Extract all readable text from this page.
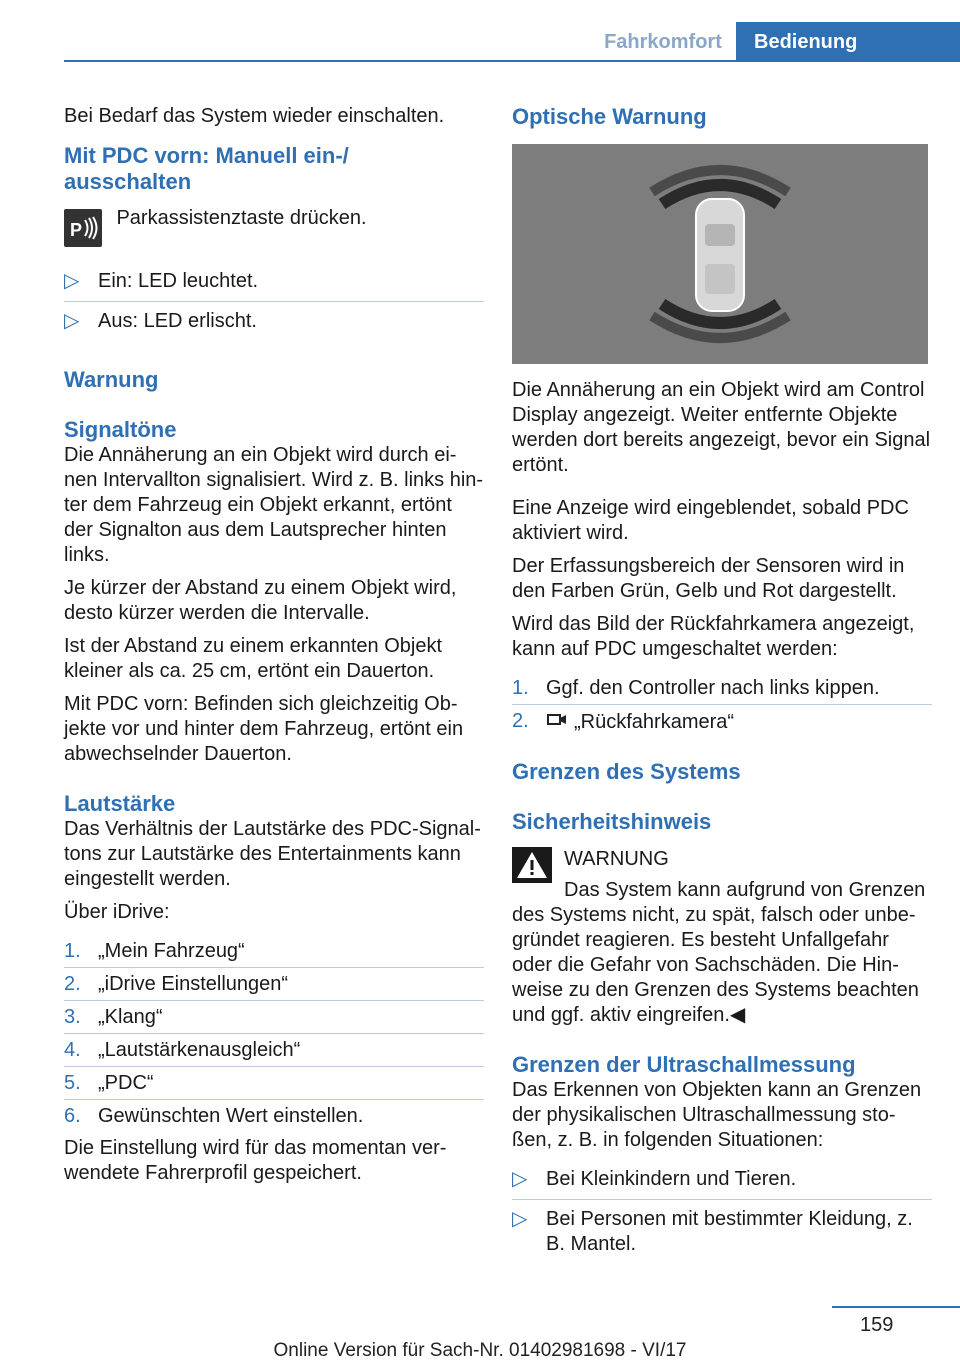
Fahrkomfort	Bedienung

Bei Bedarf das System wieder einschalten.

Mit PDC vorn: Manuell ein-/ ausschalten
P
Parkassistenztaste drücken.
▷ Ein: LED leuchtet.
▷ Aus: LED erlischt.
Warnung
Signaltöne

Die Annäherung an ein Objekt wird durch ei-nen Intervallton signalisiert. Wird z. B. links hin-ter dem Fahrzeug ein Objekt erkannt, ertönt der Signalton aus dem Lautsprecher hinten links.

Je kürzer der Abstand zu einem Objekt wird, desto kürzer werden die Intervalle.

Ist der Abstand zu einem erkannten Objekt kleiner als ca. 25 cm, ertönt ein Dauerton.

Mit PDC vorn: Befinden sich gleichzeitig Ob-jekte vor und hinter dem Fahrzeug, ertönt ein abwechselnder Dauerton.

Lautstärke

Das Verhältnis der Lautstärke des PDC-Signal-tons zur Lautstärke des Entertainments kann eingestellt werden.

Über iDrive:

1. „Mein Fahrzeug“
2. „iDrive Einstellungen“
3. „Klang“
4. „Lautstärkenausgleich“
5. „PDC“
6. Gewünschten Wert einstellen.

Die Einstellung wird für das momentan ver-wendete Fahrerprofil gespeichert.

Optische Warnung

Die Annäherung an ein Objekt wird am Control Display angezeigt. Weiter entfernte Objekte werden dort bereits angezeigt, bevor ein Signal ertönt.

Eine Anzeige wird eingeblendet, sobald PDC aktiviert wird.

Der Erfassungsbereich der Sensoren wird in den Farben Grün, Gelb und Rot dargestellt.

Wird das Bild der Rückfahrkamera angezeigt, kann auf PDC umgeschaltet werden:

1. Ggf. den Controller nach links kippen.
2. „Rückfahrkamera“
Grenzen des Systems
Sicherheitshinweis

WARNUNG

Das System kann aufgrund von Grenzen des Systems nicht, zu spät, falsch oder unbe-gründet reagieren. Es besteht Unfallgefahr oder die Gefahr von Sachschäden. Die Hin-weise zu den Grenzen des Systems beachten und ggf. aktiv eingreifen.◀

Grenzen der Ultraschallmessung

Das Erkennen von Objekten kann an Grenzen der physikalischen Ultraschallmessung sto-ßen, z. B. in folgenden Situationen:

▷ Bei Kleinkindern und Tieren.
▷ Bei Personen mit bestimmter Kleidung, z. B. Mantel.
159
Online Version für Sach-Nr. 01402981698 - VI/17
